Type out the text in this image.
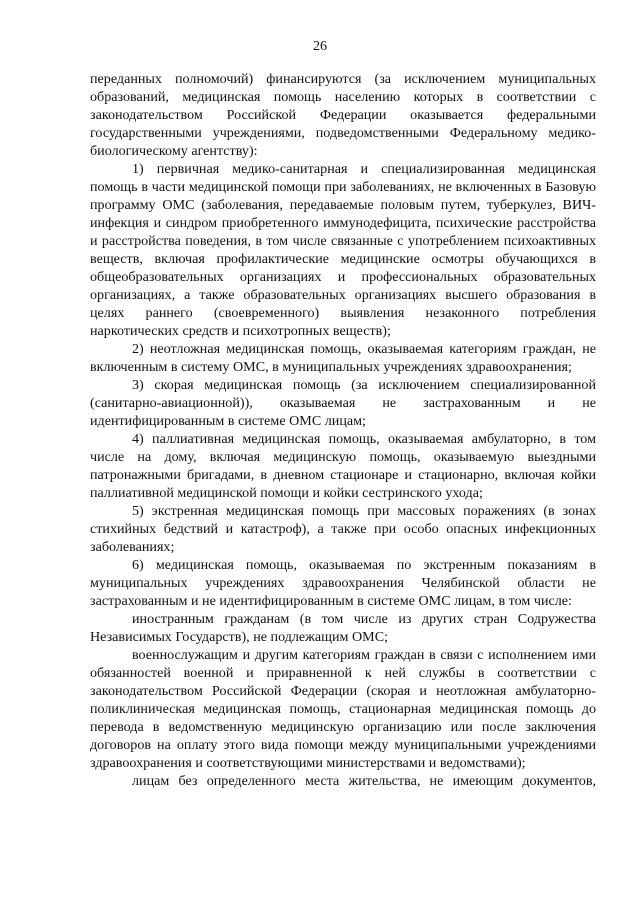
26

переданных полномочий) финансируются (за исключением муниципальных образований, медицинская помощь населению которых в соответствии с законодательством Российской Федерации оказывается федеральными государственными учреждениями, подведомственными Федеральному медико-биологическому агентству):

1) первичная медико-санитарная и специализированная медицинская помощь в части медицинской помощи при заболеваниях, не включенных в Базовую программу ОМС (заболевания, передаваемые половым путем, туберкулез, ВИЧ-инфекция и синдром приобретенного иммунодефицита, психические расстройства и расстройства поведения, в том числе связанные с употреблением психоактивных веществ, включая профилактические медицинские осмотры обучающихся в общеобразовательных организациях и профессиональных образовательных организациях, а также образовательных организациях высшего образования в целях раннего (своевременного) выявления незаконного потребления наркотических средств и психотропных веществ);

2) неотложная медицинская помощь, оказываемая категориям граждан, не включенным в систему ОМС, в муниципальных учреждениях здравоохранения;

3) скорая медицинская помощь (за исключением специализированной (санитарно-авиационной)), оказываемая не застрахованным и не идентифицированным в системе ОМС лицам;

4) паллиативная медицинская помощь, оказываемая амбулаторно, в том числе на дому, включая медицинскую помощь, оказываемую выездными патронажными бригадами, в дневном стационаре и стационарно, включая койки паллиативной медицинской помощи и койки сестринского ухода;

5) экстренная медицинская помощь при массовых поражениях (в зонах стихийных бедствий и катастроф), а также при особо опасных инфекционных заболеваниях;

6) медицинская помощь, оказываемая по экстренным показаниям в муниципальных учреждениях здравоохранения Челябинской области не застрахованным и не идентифицированным в системе ОМС лицам, в том числе:

иностранным гражданам (в том числе из других стран Содружества Независимых Государств), не подлежащим ОМС;

военнослужащим и другим категориям граждан в связи с исполнением ими обязанностей военной и приравненной к ней службы в соответствии с законодательством Российской Федерации (скорая и неотложная амбулаторно-поликлиническая медицинская помощь, стационарная медицинская помощь до перевода в ведомственную медицинскую организацию или после заключения договоров на оплату этого вида помощи между муниципальными учреждениями здравоохранения и соответствующими министерствами и ведомствами);

лицам без определенного места жительства, не имеющим документов,
